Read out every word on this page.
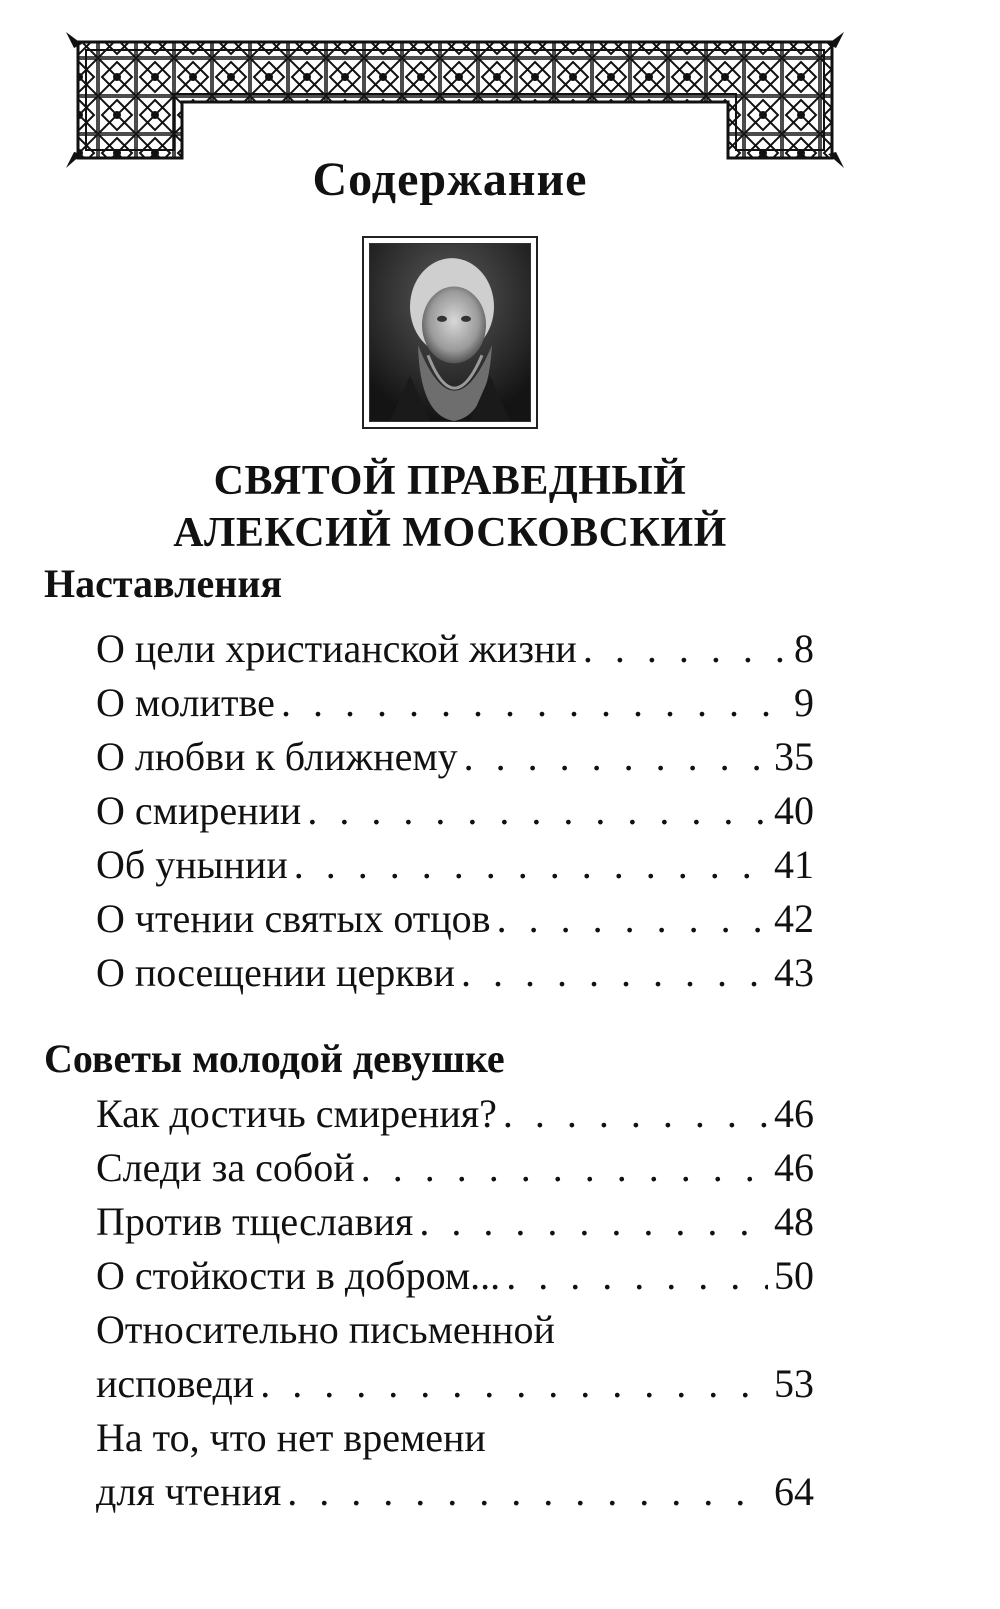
Содержание
СВЯТОЙ ПРАВЕДНЫЙ
АЛЕКСИЙ МОСКОВСКИЙ
Наставления
О цели христианской жизни . . .	8
О молитве . . .	9
О любви к ближнему . . .	35
О смирении . . .	40
Об унынии . . .	41
О чтении святых отцов . . .	42
О посещении церкви . . .	43
Советы молодой девушке
Как достичь смирения? . . .	46
Следи за собой . . .	46
Против тщеславия . . .	48
О стойкости в добром... . . .	50
Относительно письменной
исповеди . . .	53
На то, что нет времени
для чтения . . .	64
